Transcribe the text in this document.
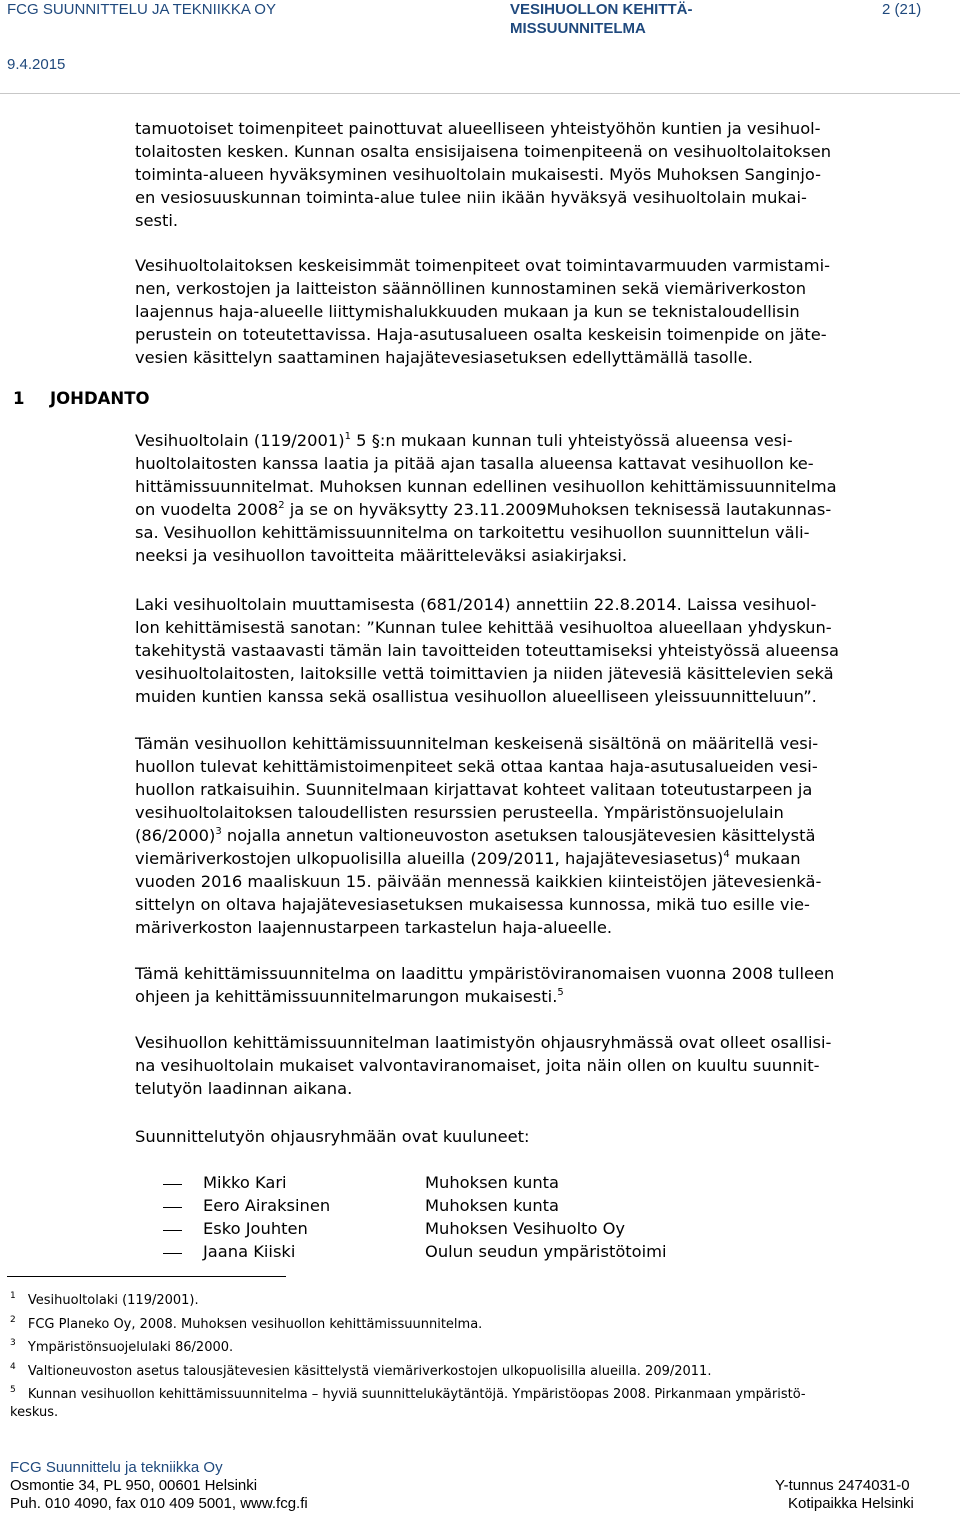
FCG SUUNNITTELU JA TEKNIIKKA OY	VESIHUOLLON KEHITTÄ-
MISSUUNNITELMA
2 (21)
9.4.2015
1 JOHDANTO
tamuotoiset toimenpiteet painottuvat alueelliseen yhteistyöhön kuntien ja vesihuol-
tolaitosten kesken. Kunnan osalta ensisijaisena toimenpiteenä on vesihuoltolaitoksen
toiminta-alueen hyväksyminen vesihuoltolain mukaisesti. Myös Muhoksen Sanginjo-
en vesiosuuskunnan toiminta-alue tulee niin ikään hyväksyä vesihuoltolain mukai-
sesti.
Vesihuoltolaitoksen keskeisimmät toimenpiteet ovat toimintavarmuuden varmistami-
nen, verkostojen ja laitteiston säännöllinen kunnostaminen sekä viemäriverkoston
laajennus haja-alueelle liittymishalukkuuden mukaan ja kun se teknistaloudellisin
perustein on toteutettavissa. Haja-asutusalueen osalta keskeisin toimenpide on jäte-
vesien käsittelyn saattaminen hajajätevesiasetuksen edellyttämällä tasolle.
Vesihuoltolain $(119/2001)^1$ 5 §:n mukaan kunnan tuli yhteistyössä alueensa vesi-
huoltolaitosten kanssa laatia ja pitää ajan tasalla alueensa kattavat vesihuollon ke-
hittämissuunnitelmat. Muhoksen kunnan edellinen vesihuollon kehittämissuunnitelma
on vuodelta 2008$^2$ ja se on hyväksytty 23.11.2009Muhoksen teknisessä lautakunnas-
sa. Vesihuollon kehittämissuunnitelma on tarkoitettu vesihuollon suunnittelun väli-
neeksi ja vesihuollon tavoitteita määritteleväksi asiakirjaksi.
Laki vesihuoltolain muuttamisesta (681/2014) annettiin 22.8.2014. Laissa vesihuol-
lon kehittämisestä sanotan: ”Kunnan tulee kehittää vesihuoltoa alueellaan yhdyskun-
takehitystä vastaavasti tämän lain tavoitteiden toteuttamiseksi yhteistyössä alueensa
vesihuoltolaitosten, laitoksille vettä toimittavien ja niiden jätevesiä käsittelevien sekä
muiden kuntien kanssa sekä osallistua vesihuollon alueelliseen yleissuunnitteluun”.
Tämän vesihuollon kehittämissuunnitelman keskeisenä sisältönä on määritellä vesi-
huollon tulevat kehittämistoimenpiteet sekä ottaa kantaa haja-asutusalueiden vesi-
huollon ratkaisuihin. Suunnitelmaan kirjattavat kohteet valitaan toteutustarpeen ja
vesihuoltolaitoksen taloudellisten resurssien perusteella. Ympäristönsuojelulain
$(86/2000)^3$ nojalla annetun valtioneuvoston asetuksen talousjätevesien käsittelystä
viemäriverkostojen ulkopuolisilla alueilla (209/2011, hajajätevesiasetus)$^4$ mukaan
vuoden 2016 maaliskuun 15. päivään mennessä kaikkien kiinteistöjen jätevesienkä-
sittelyn on oltava hajajätevesiasetuksen mukaisessa kunnossa, mikä tuo esille vie-
märiverkoston laajennustarpeen tarkastelun haja-alueelle.
Tämä kehittämissuunnitelma on laadittu ympäristöviranomaisen vuonna 2008 tulleen
ohjeen ja kehittämissuunnitelmarungon mukaisesti.$^5$
Vesihuollon kehittämissuunnitelman laatimistyön ohjausryhmässä ovat olleet osallisi-
na vesihuoltolain mukaiset valvontaviranomaiset, joita näin ollen on kuultu suunnit-
telutyön laadinnan aikana.
Suunnittelutyön ohjausryhmään ovat kuuluneet:
Mikko Kari	Muhoksen kunta
Eero Airaksinen	Muhoksen kunta
Esko Jouhten	Muhoksen Vesihuolto Oy
Jaana Kiiski	Oulun seudun ympäristötoimi
$^1$ Vesihuoltolaki (119/2001).
$^2$ FCG Planeko Oy, 2008. Muhoksen vesihuollon kehittämissuunnitelma.
$^3$ Ympäristönsuojelulaki 86/2000.
$^4$ Valtioneuvoston asetus talousjätevesien käsittelystä viemäriverkostojen ulkopuolisilla alueilla. 209/2011.
$^5$ Kunnan vesihuollon kehittämissuunnitelma – hyviä suunnittelukäytäntöjä. Ympäristöopas 2008. Pirkanmaan ympäristö-
keskus.
FCG Suunnittelu ja tekniikka Oy
Osmontie 34, PL 950, 00601 Helsinki
Puh. 010 4090, fax 010 409 5001, www.fcg.fi
Y-tunnus 2474031-0
Kotipaikka Helsinki
